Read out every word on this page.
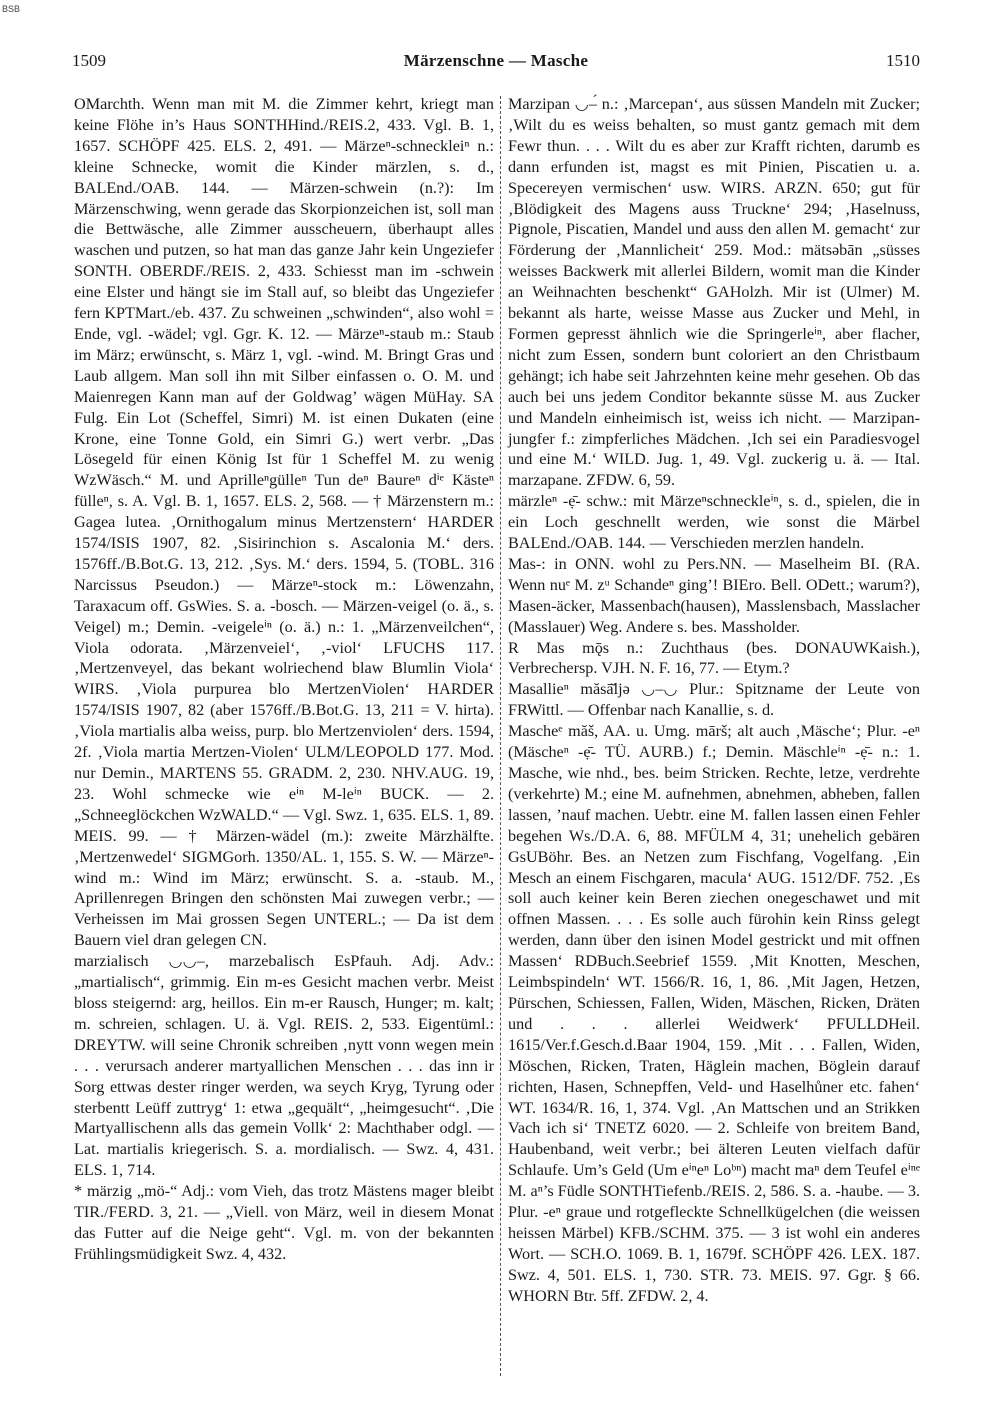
BSB
1509	Märzenschne — Masche	1510

OMarchth. Wenn man mit M. die Zimmer kehrt, kriegt man keine Flöhe in’s Haus SONTHHind./REIS.2, 433. Vgl. B. 1, 1657. SCHÖPF 425. ELS. 2, 491. — Märzeⁿ-schneckleiⁿ n.: kleine Schnecke, womit die Kinder märzlen, s. d., BALEnd./OAB. 144. — Märzen-schwein (n.?): Im Märzenschwing, wenn gerade das Skorpionzeichen ist, soll man die Bettwäsche, alle Zimmer ausscheuern, überhaupt alles waschen und putzen, so hat man das ganze Jahr kein Ungeziefer SONTH. OBERDF./REIS. 2, 433. Schiesst man im -schwein eine Elster und hängt sie im Stall auf, so bleibt das Ungeziefer fern KPTMart./eb. 437. Zu schweinen „schwinden“, also wohl = Ende, vgl. -wädel; vgl. Ggr. K. 12. — Märzeⁿ-staub m.: Staub im März; erwünscht, s. März 1, vgl. -wind. M. Bringt Gras und Laub allgem. Man soll ihn mit Silber einfassen o. O. M. und Maienregen Kann man auf der Goldwag’ wägen MüHay. SA Fulg. Ein Lot (Scheffel, Simri) M. ist einen Dukaten (eine Krone, eine Tonne Gold, ein Simri G.) wert verbr. „Das Lösegeld für einen König Ist für 1 Scheffel M. zu wenig WzWäsch.“ M. und Aprilleⁿgülleⁿ Tun deⁿ Baureⁿ dⁱᵉ Kästeⁿ fülleⁿ, s. A. Vgl. B. 1, 1657. ELS. 2, 568. — † Märzenstern m.: Gagea lutea. ‚Ornithogalum minus Mertzenstern‘ HARDER 1574/ISIS 1907, 82. ‚Sisirinchion s. Ascalonia M.‘ ders. 1576ff./B.Bot.G. 13, 212. ‚Sys. M.‘ ders. 1594, 5. (TOBL. 316 Narcissus Pseudon.) — Märzeⁿ-stock m.: Löwenzahn, Taraxacum off. GsWies. S. a. -bosch. — Märzen-veigel (o. ä., s. Veigel) m.; Demin. -veigeleⁱⁿ (o. ä.) n.: 1. „Märzenveilchen“, Viola odorata. ‚Märzenveiel‘, ‚-viol‘ LFUCHS 117. ‚Mertzenveyel, das bekant wolriechend blaw Blumlin Viola‘ WIRS. ‚Viola purpurea blo MertzenViolen‘ HARDER 1574/ISIS 1907, 82 (aber 1576ff./B.Bot.G. 13, 211 = V. hirta). ‚Viola martialis alba weiss, purp. blo Mertzenviolen‘ ders. 1594, 2f. ‚Viola martia Mertzen-Violen‘ ULM/LEOPOLD 177. Mod. nur Demin., MARTENS 55. GRADM. 2, 230. NHV.AUG. 19, 23. Wohl schmecke wie eⁱⁿ M-leⁱⁿ BUCK. — 2. „Schneeglöckchen WzWALD.“ — Vgl. Swz. 1, 635. ELS. 1, 89. MEIS. 99. — † Märzen-wädel (m.): zweite Märzhälfte. ‚Mertzenwedel‘ SIGMGorh. 1350/AL. 1, 155. S. W. — Märzeⁿ-wind m.: Wind im März; erwünscht. S. a. -staub. M., Aprillenregen Bringen den schönsten Mai zuwegen verbr.; — Verheissen im Mai grossen Segen UNTERL.; — Da ist dem Bauern viel dran gelegen CN.

marzialisch ◡◡–, marzebalisch EsPfauh. Adj. Adv.: „martialisch“, grimmig. Ein m-es Gesicht machen verbr. Meist bloss steigernd: arg, heillos. Ein m-er Rausch, Hunger; m. kalt; m. schreien, schlagen. U. ä. Vgl. REIS. 2, 533. Eigentüml.: DREYTW. will seine Chronik schreiben ‚nytt vonn wegen mein . . . verursach anderer martyallichen Menschen . . . das inn ir Sorg ettwas dester ringer werden, wa seych Kryg, Tyrung oder sterbentt Leüff zuttryg‘ 1: etwa „gequält“, „heimgesucht“. ‚Die Martyallischenn alls das gemein Vollk‘ 2: Machthaber odgl. — Lat. martialis kriegerisch. S. a. mordialisch. — Swz. 4, 431. ELS. 1, 714.

* märzig „mö-“ Adj.: vom Vieh, das trotz Mästens mager bleibt TIR./FERD. 3, 21. — „Viell. von März, weil in diesem Monat das Futter auf die Neige geht“. Vgl. m. von der bekannten Frühlingsmüdigkeit Swz. 4, 432.

Marzipan ◡–́ n.: ‚Marcepan‘, aus süssen Mandeln mit Zucker; ‚Wilt du es weiss behalten, so must gantz gemach mit dem Fewr thun. . . . Wilt du es aber zur Krafft richten, darumb es dann erfunden ist, magst es mit Pinien, Piscatien u. a. Specereyen vermischen‘ usw. WIRS. ARZN. 650; gut für ‚Blödigkeit des Magens auss Truckne‘ 294; ‚Haselnuss, Pignole, Piscatien, Mandel und auss den allen M. gemacht‘ zur Förderung der ‚Mannlicheit‘ 259. Mod.: mätsəbān „süsses weisses Backwerk mit allerlei Bildern, womit man die Kinder an Weihnachten beschenkt“ GAHolzh. Mir ist (Ulmer) M. bekannt als harte, weisse Masse aus Zucker und Mehl, in Formen gepresst ähnlich wie die Springerleⁱⁿ, aber flacher, nicht zum Essen, sondern bunt coloriert an den Christbaum gehängt; ich habe seit Jahrzehnten keine mehr gesehen. Ob das auch bei uns jedem Conditor bekannte süsse M. aus Zucker und Mandeln einheimisch ist, weiss ich nicht. — Marzipan-jungfer f.: zimpferliches Mädchen. ‚Ich sei ein Paradiesvogel und eine M.‘ WILD. Jug. 1, 49. Vgl. zuckerig u. ä. — Ital. marzapane. ZFDW. 6, 59.

märzleⁿ -ẹ̄- schw.: mit Märzeⁿschneckleⁱⁿ, s. d., spielen, die in ein Loch geschnellt werden, wie sonst die Märbel BALEnd./OAB. 144. — Verschieden merzlen handeln.

Mas-: in ONN. wohl zu Pers.NN. — Maselheim BI. (RA. Wenn nuᵉ M. zᵘ Schandeⁿ ging’! BIEro. Bell. ODett.; warum?), Masen-äcker, Massenbach(hausen), Masslensbach, Masslacher (Masslauer) Weg. Andere s. bes. Massholder.

R Mas mǭs n.: Zuchthaus (bes. DONAUWKaish.), Verbrechersp. VJH. N. F. 16, 77. — Etym.?

Masallieⁿ măsā̆ljə ◡–◡ Plur.: Spitzname der Leute von FRWittl. — Offenbar nach Kanallie, s. d.

Mascheᵉ măš, AA. u. Umg. mārš; alt auch ‚Mäsche‘; Plur. -eⁿ (Mäscheⁿ -ẹ̄- TÜ. AURB.) f.; Demin. Mäschleⁱⁿ -ẹ̄- n.: 1. Masche, wie nhd., bes. beim Stricken. Rechte, letze, verdrehte (verkehrte) M.; eine M. aufnehmen, abnehmen, abheben, fallen lassen, ’nauf machen. Uebtr. eine M. fallen lassen einen Fehler begehen Ws./D.A. 6, 88. MFÜLM 4, 31; unehelich gebären GsUBöhr. Bes. an Netzen zum Fischfang, Vogelfang. ‚Ein Mesch an einem Fischgaren, macula‘ AUG. 1512/DF. 752. ‚Es soll auch keiner kein Beren ziechen onegeschawet und mit offnen Massen. . . . Es solle auch fürohin kein Rinss gelegt werden, dann über den isinen Model gestrickt und mit offnen Massen‘ RDBuch.Seebrief 1559. ‚Mit Knotten, Meschen, Leimbspindeln‘ WT. 1566/R. 16, 1, 86. ‚Mit Jagen, Hetzen, Pürschen, Schiessen, Fallen, Widen, Mäschen, Ricken, Dräten und . . . allerlei Weidwerk‘ PFULLDHeil. 1615/Ver.f.Gesch.d.Baar 1904, 159. ‚Mit . . . Fallen, Widen, Möschen, Ricken, Traten, Häglein machen, Böglein darauf richten, Hasen, Schnepffen, Veld- und Haselhůner etc. fahen‘ WT. 1634/R. 16, 1, 374. Vgl. ‚An Mattschen und an Strikken Vach ich si‘ TNETZ 6020. — 2. Schleife von breitem Band, Haubenband, weit verbr.; bei älteren Leuten vielfach dafür Schlaufe. Um’s Geld (Um eⁱⁿeⁿ Loᵇⁿ) macht maⁿ dem Teufel eⁱⁿᵉ M. aⁿ’s Füdle SONTHTiefenb./REIS. 2, 586. S. a. -haube. — 3. Plur. -eⁿ graue und rotgefleckte Schnellkügelchen (die weissen heissen Märbel) KFB./SCHM. 375. — 3 ist wohl ein anderes Wort. — SCH.O. 1069. B. 1, 1679f. SCHÖPF 426. LEX. 187. Swz. 4, 501. ELS. 1, 730. STR. 73. MEIS. 97. Ggr. § 66. WHORN Btr. 5ff. ZFDW. 2, 4.
